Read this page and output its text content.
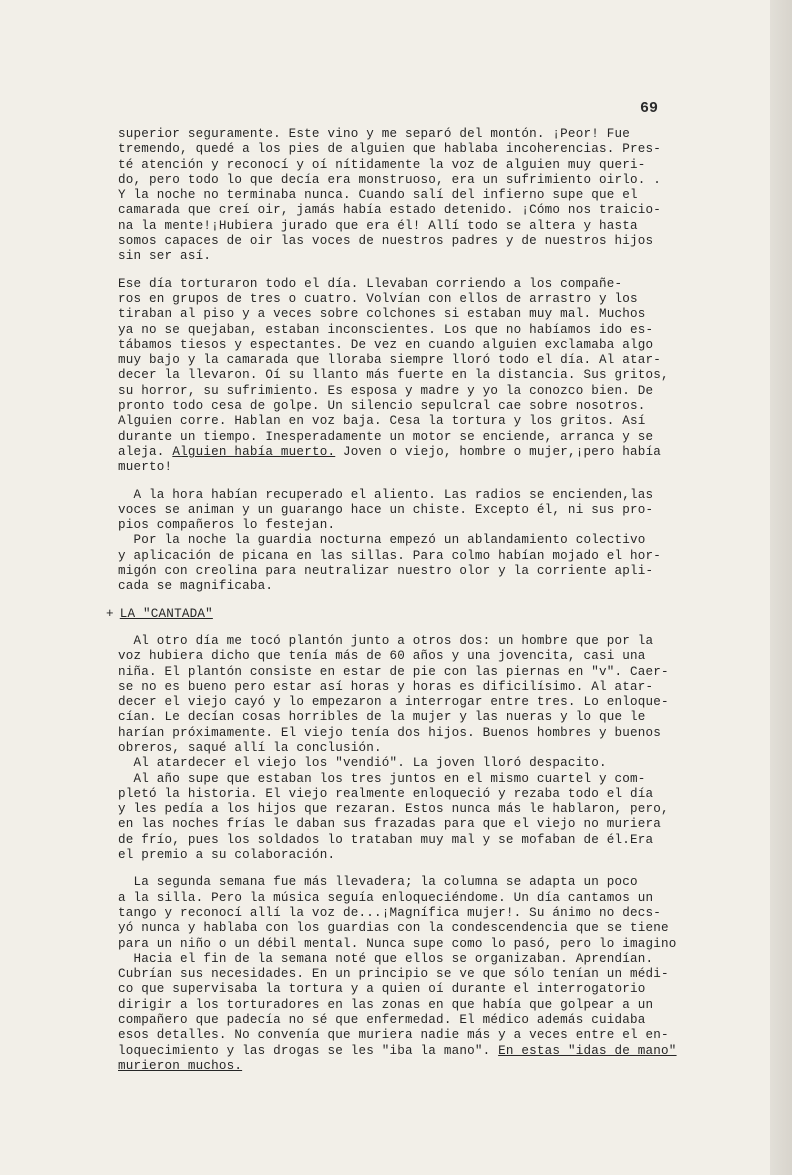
69
superior seguramente. Este vino y me separó del montón. ¡Peor! Fue
tremendo, quedé a los pies de alguien que hablaba incoherencias. Pres-
té atención y reconocí y oí nítidamente la voz de alguien muy queri-
do, pero todo lo que decía era monstruoso, era un sufrimiento oirlo. .
Y la noche no terminaba nunca. Cuando salí del infierno supe que el
camarada que creí oir, jamás había estado detenido. ¡Cómo nos traicio-
na la mente!¡Hubiera jurado que era él! Allí todo se altera y hasta
somos capaces de oir las voces de nuestros padres y de nuestros hijos
sin ser así.
Ese día torturaron todo el día. Llevaban corriendo a los compañe-
ros en grupos de tres o cuatro. Volvían con ellos de arrastro y los
tiraban al piso y a veces sobre colchones si estaban muy mal. Muchos
ya no se quejaban, estaban inconscientes. Los que no habíamos ido es-
tábamos tiesos y espectantes. De vez en cuando alguien exclamaba algo
muy bajo y la camarada que lloraba siempre lloró todo el día. Al atar-
decer la llevaron. Oí su llanto más fuerte en la distancia. Sus gritos,
su horror, su sufrimiento. Es esposa y madre y yo la conozco bien. De
pronto todo cesa de golpe. Un silencio sepulcral cae sobre nosotros.
Alguien corre. Hablan en voz baja. Cesa la tortura y los gritos. Así
durante un tiempo. Inesperadamente un motor se enciende, arranca y se
aleja. Alguien había muerto. Joven o viejo, hombre o mujer,¡pero había
muerto!
A la hora habían recuperado el aliento. Las radios se encienden,las
voces se animan y un guarango hace un chiste. Excepto él, ni sus pro-
pios compañeros lo festejan.
Por la noche la guardia nocturna empezó un ablandamiento colectivo
y aplicación de picana en las sillas. Para colmo habían mojado el hor-
migón con creolina para neutralizar nuestro olor y la corriente apli-
cada se magnificaba.
+ LA "CANTADA"
Al otro día me tocó plantón junto a otros dos: un hombre que por la
voz hubiera dicho que tenía más de 60 años y una jovencita, casi una
niña. El plantón consiste en estar de pie con las piernas en "v". Caer-
se no es bueno pero estar así horas y horas es dificilísimo. Al atar-
decer el viejo cayó y lo empezaron a interrogar entre tres. Lo enloque-
cían. Le decían cosas horribles de la mujer y las nueras y lo que le
harían próximamente. El viejo tenía dos hijos. Buenos hombres y buenos
obreros, saqué allí la conclusión.
Al atardecer el viejo los "vendió". La joven lloró despacito.
Al año supe que estaban los tres juntos en el mismo cuartel y com-
pletó la historia. El viejo realmente enloqueció y rezaba todo el día
y les pedía a los hijos que rezaran. Estos nunca más le hablaron, pero,
en las noches frías le daban sus frazadas para que el viejo no muriera
de frío, pues los soldados lo trataban muy mal y se mofaban de él.Era
el premio a su colaboración.
La segunda semana fue más llevadera; la columna se adapta un poco
a la silla. Pero la música seguía enloqueciéndome. Un día cantamos un
tango y reconocí allí la voz de...¡Magnífica mujer!. Su ánimo no decs-
yó nunca y hablaba con los guardias con la condescendencia que se tiene
para un niño o un débil mental. Nunca supe como lo pasó, pero lo imagino
Hacia el fin de la semana noté que ellos se organizaban. Aprendían.
Cubrían sus necesidades. En un principio se ve que sólo tenían un médi-
co que supervisaba la tortura y a quien oí durante el interrogatorio
dirigir a los torturadores en las zonas en que había que golpear a un
compañero que padecía no sé que enfermedad. El médico además cuidaba
esos detalles. No convenía que muriera nadie más y a veces entre el en-
loquecimiento y las drogas se les "iba la mano". En estas "idas de mano"
murieron muchos.
